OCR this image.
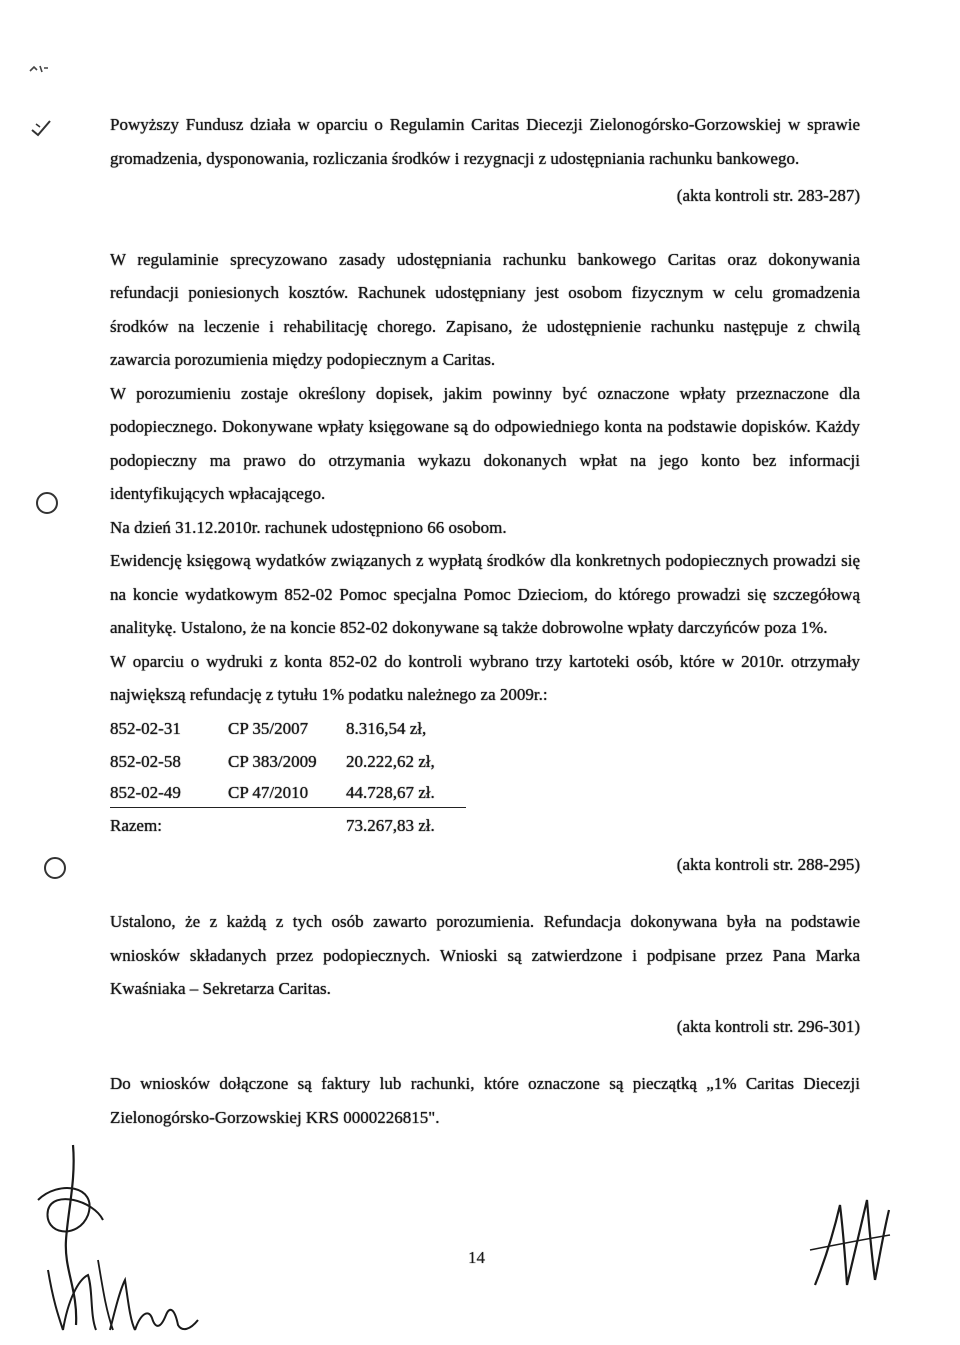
Powyższy Fundusz działa w oparciu o Regulamin Caritas Diecezji Zielonogórsko-Gorzowskiej w sprawie gromadzenia, dysponowania, rozliczania środków i rezygnacji z udostępniania rachunku bankowego.

(akta kontroli str. 283-287)

W regulaminie sprecyzowano zasady udostępniania rachunku bankowego Caritas oraz dokonywania refundacji poniesionych kosztów. Rachunek udostępniany jest osobom fizycznym w celu gromadzenia środków na leczenie i rehabilitację chorego. Zapisano, że udostępnienie rachunku następuje z chwilą zawarcia porozumienia między podopiecznym a Caritas.

W porozumieniu zostaje określony dopisek, jakim powinny być oznaczone wpłaty przeznaczone dla podopiecznego. Dokonywane wpłaty księgowane są do odpowiedniego konta na podstawie dopisków. Każdy podopieczny ma prawo do otrzymania wykazu dokonanych wpłat na jego konto bez informacji identyfikujących wpłacającego.

Na dzień 31.12.2010r. rachunek udostępniono 66 osobom.

Ewidencję księgową wydatków związanych z wypłatą środków dla konkretnych podopiecznych prowadzi się na koncie wydatkowym 852-02 Pomoc specjalna Pomoc Dzieciom, do którego prowadzi się szczegółową analitykę. Ustalono, że na koncie 852-02 dokonywane są także dobrowolne wpłaty darczyńców poza 1%.

W oparciu o wydruki z konta 852-02 do kontroli wybrano trzy kartoteki osób, które w 2010r. otrzymały największą refundację z tytułu 1% podatku należnego za 2009r.:

852-02-31	CP 35/2007	8.316,54 zł,
852-02-58	CP 383/2009	20.222,62 zł,
852-02-49	CP 47/2010	44.728,67 zł.
Razem:		73.267,83 zł.

(akta kontroli str. 288-295)

Ustalono, że z każdą z tych osób zawarto porozumienia. Refundacja dokonywana była na podstawie wniosków składanych przez podopiecznych. Wnioski są zatwierdzone i podpisane przez Pana Marka Kwaśniaka – Sekretarza Caritas.

(akta kontroli str. 296-301)

Do wniosków dołączone są faktury lub rachunki, które oznaczone są pieczątką „1% Caritas Diecezji Zielonogórsko-Gorzowskiej KRS 0000226815".

14
